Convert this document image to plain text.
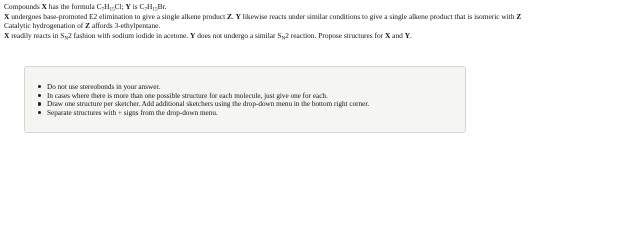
Compounds X has the formula $C_7H_{15}Cl$; Y is $C_7H_{15}Br$.

X undergoes base-promoted E2 elimination to give a single alkene product Z. Y likewise reacts under similar conditions to give a single alkene product that is isomeric with Z

Catalytic hydrogenation of Z affords 3-ethylpentane.

X readily reacts in $S_N2$ fashion with sodium iodide in acetone. Y does not undergo a similar $S_N2$ reaction. Propose structures for X and Y.

Do not use stereobonds in your answer.
In cases where there is more than one possible structure for each molecule, just give one for each.
Draw one structure per sketcher. Add additional sketchers using the drop-down menu in the bottom right corner.
Separate structures with + signs from the drop-down menu.
